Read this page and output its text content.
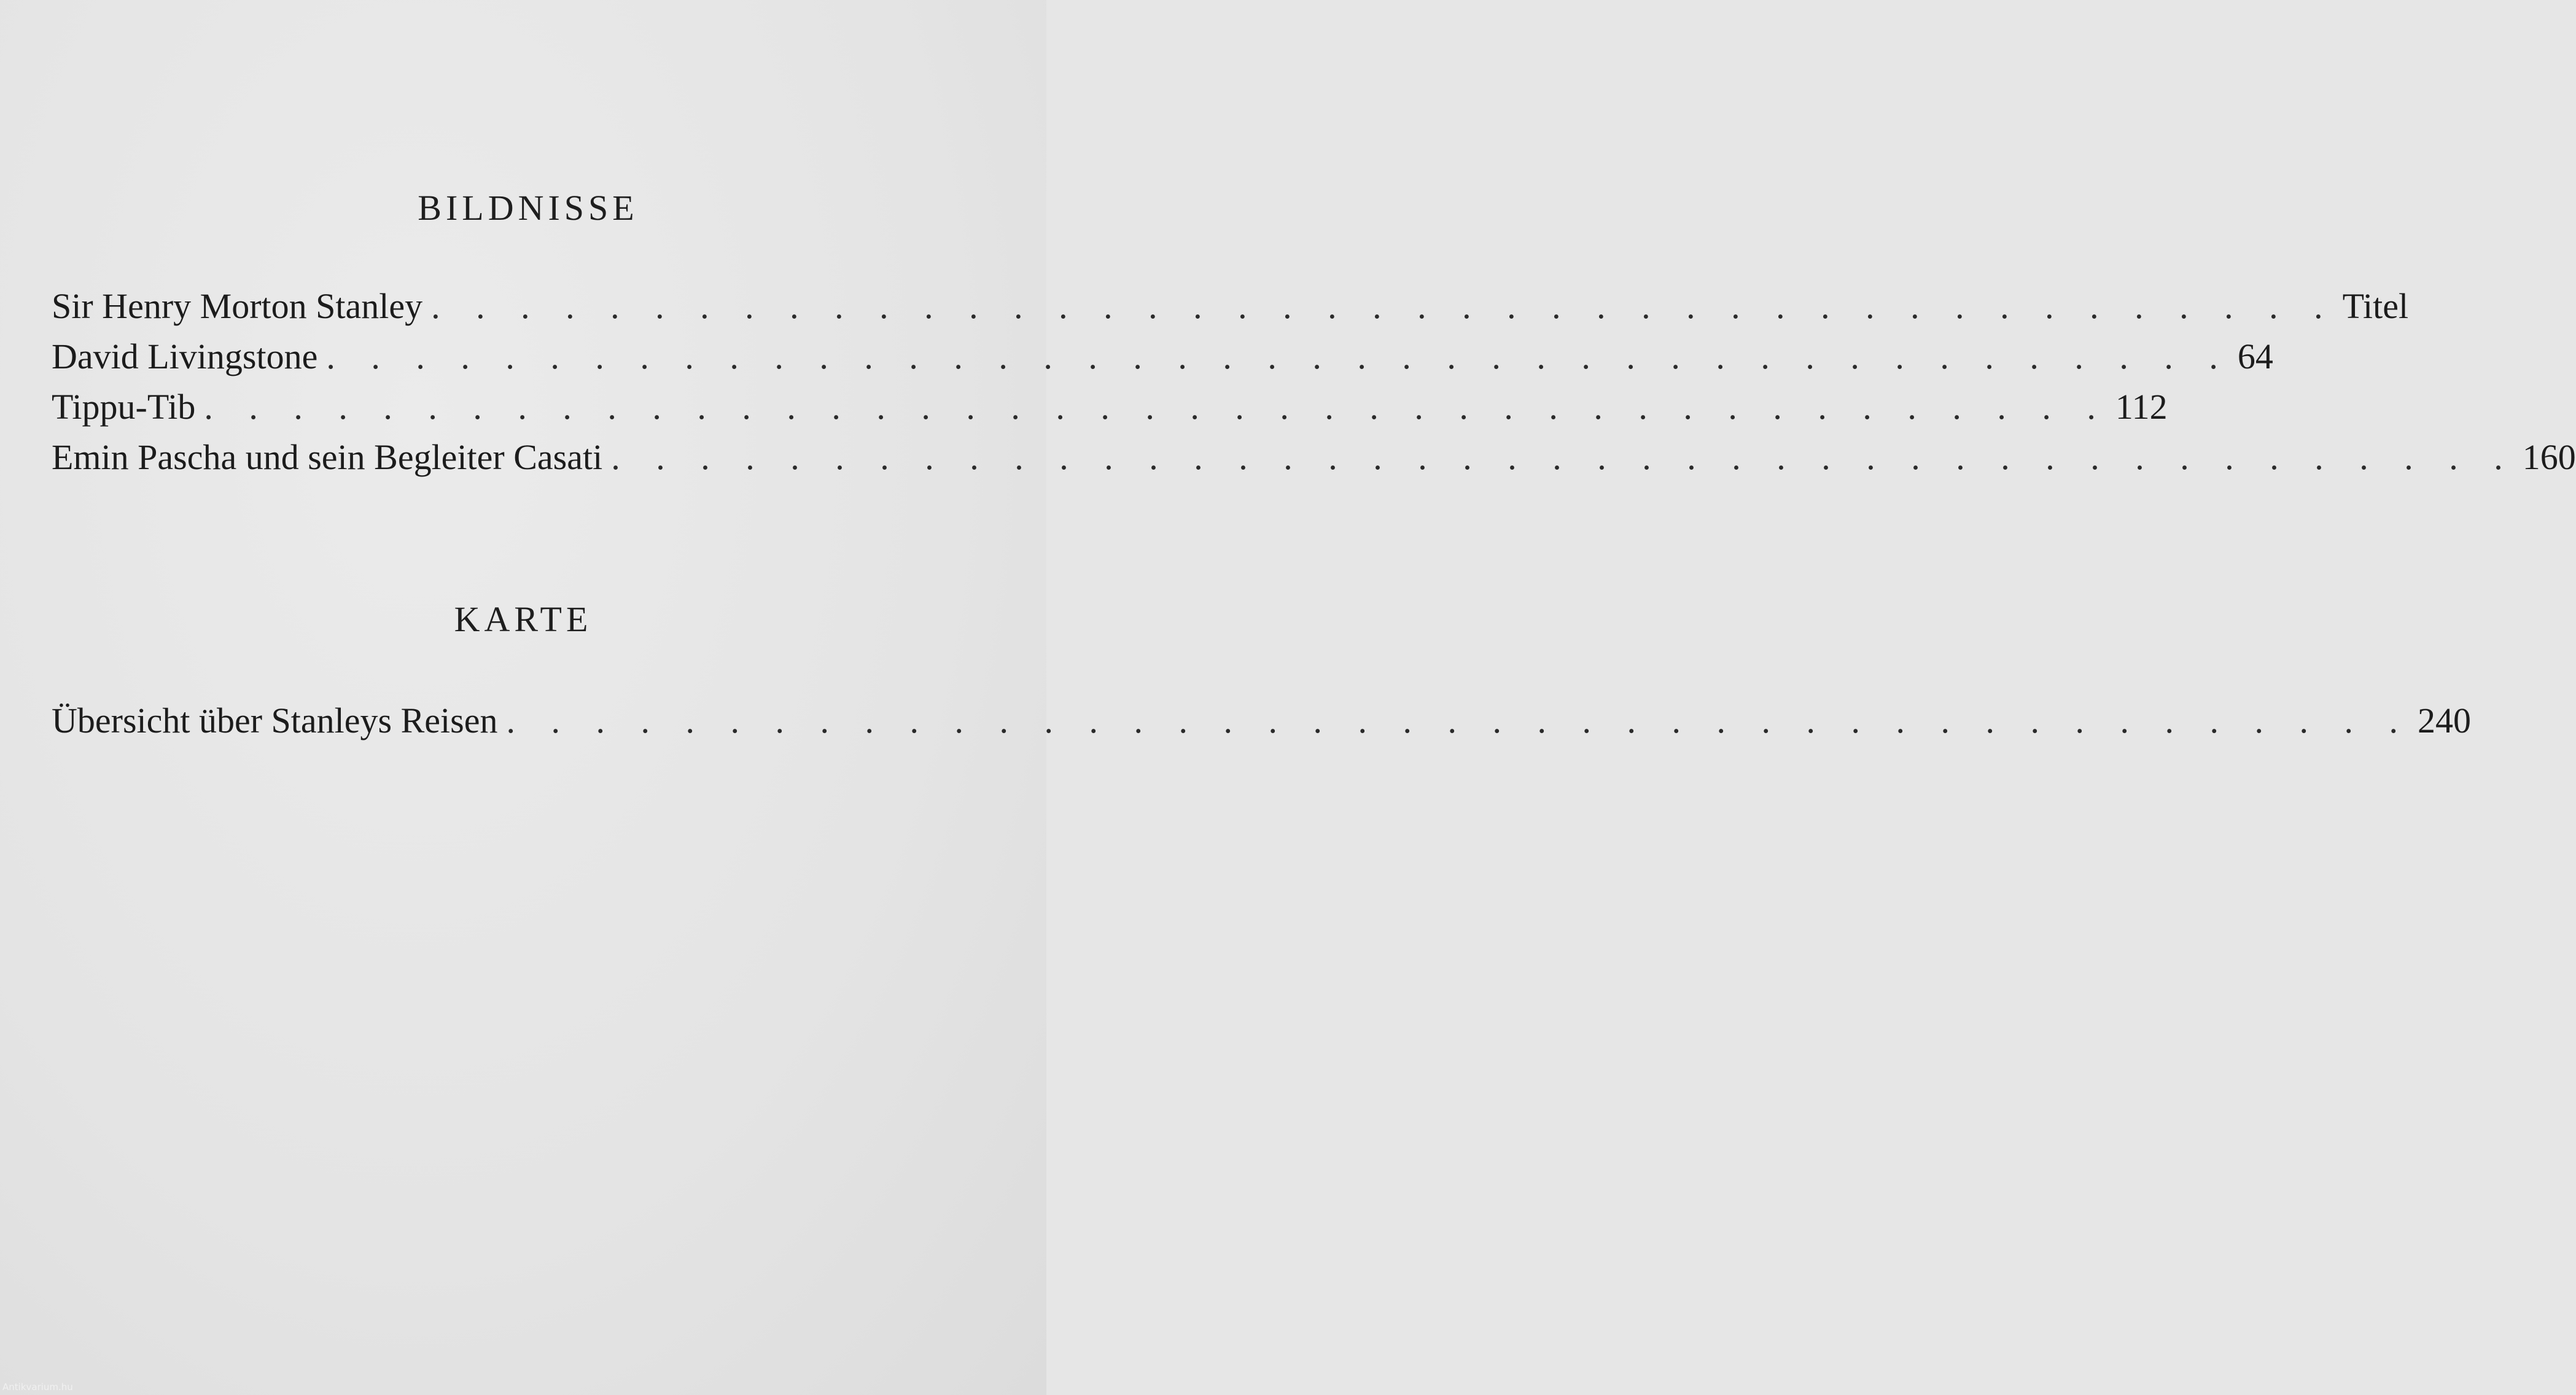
BILDNISSE
Sir Henry Morton Stanley . . . . . . . . . . . . . . . . . . . . . . . . . . . . . . . . . . . . . . . . . . . Titel
David Livingstone . . . . . . . . . . . . . . . . . . . . . . . . . . . . . . . . . . . . . . . . . . . 64
Tippu-Tib . . . . . . . . . . . . . . . . . . . . . . . . . . . . . . . . . . . . . . . . . . . 112
Emin Pascha und sein Begleiter Casati . . . . . . . . . . . . . . . . . . . . . . . . . . . . . . . . . . . . . . . . . . . 160
KARTE
Übersicht über Stanleys Reisen . . . . . . . . . . . . . . . . . . . . . . . . . . . . . . . . . . . . . . . . . . . 240
Antikvarium.hu
